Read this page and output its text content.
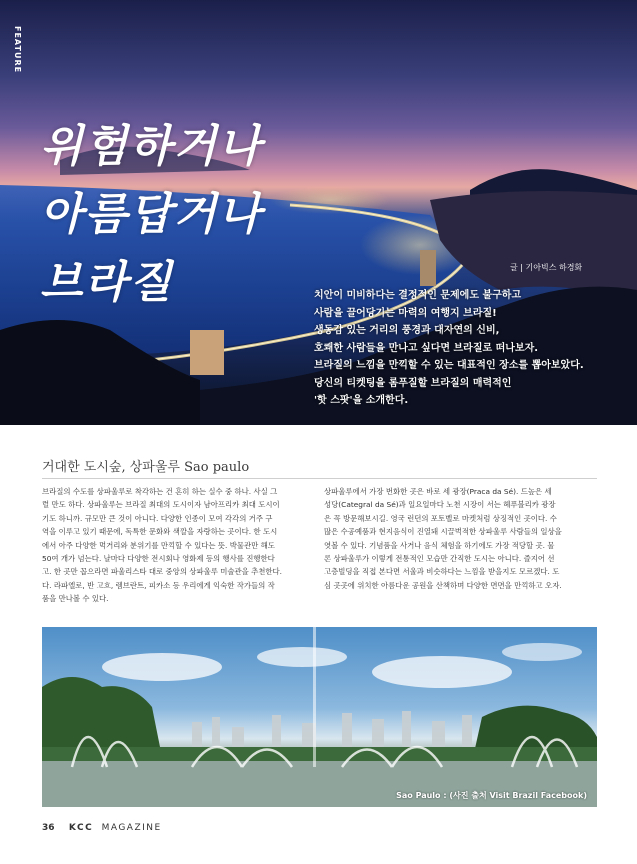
FEATURE
위험하거나
아름답거나
브라질	글 | 기아빅스 하경화
치안이 미비하다는 결정적인 문제에도 불구하고
사람을 끌어당기는 마력의 여행지 브라질!
생동감 있는 거리의 풍경과 대자연의 신비,
호쾌한 사람들을 만나고 싶다면 브라질로 떠나보자.
브라질의 느낌을 만끽할 수 있는 대표적인 장소를 뽑아보았다.
당신의 티켓팅을 롬푸질할 브라질의 매력적인
'핫 스팟'을 소개한다.
거대한 도시숲, 상파울루 Sao paulo
브라질의 수도를 상파울루로 착각하는 건 흔히 하는 실수 중 하나. 사실 그
럴 만도 하다. 상파울루는 브라질 최대의 도시이자 남아프리카 최대 도시이
기도 하니까. 규모만 큰 것이 아니다. 다양한 인종이 모여 각각의 거주 구
역을 이루고 있기 때문에, 독특한 문화와 색깔을 자랑하는 곳이다. 한 도시
에서 아주 다양한 먹거리와 분위기를 만끽할 수 있다는 뜻. 박물관만 해도
50여 개가 넘는다. 날마다 다양한 전시회나 영화제 등의 행사를 진행한다
고. 한 곳만 꼽으라면 파울리스타 대로 중앙의 상파울루 미술관을 추천한다.
다. 라파엘로, 반 고흐, 렘브란트, 피카소 등 우리에게 익숙한 작가들의 작
품을 만나볼 수 있다.
상파울루에서 가장 번화한 곳은 바로 세 광장(Praca da Sé). 드높은 세
성당(Categral da Sé)과 일요일마다 노천 시장이 서는 헤푸블리카 광장
은 꼭 방문해보시길. 영국 런던의 포토벨로 마켓처럼 상징적인 곳이다. 수
많은 수공예품과 현지음식이 진열돼 시끌벅적한 상파울루 사람들의 일상을
엿볼 수 있다. 기념품을 사거나 음식 체험을 하기에도 가장 적당할 곳. 물
론 상파울루가 이렇게 전통적인 모습만 간직한 도시는 아니다. 즐지어 선
고층빌딩을 직접 본다면 서울과 비슷하다는 느낌을 받을지도 모르겠다. 도
심 곳곳에 위치한 아름다운 공원을 산책하며 다양한 면면을 만끽하고 오자.
Sao Paulo : (사진 출처 Visit Brazil Facebook)
36 KCC MAGAZINE
